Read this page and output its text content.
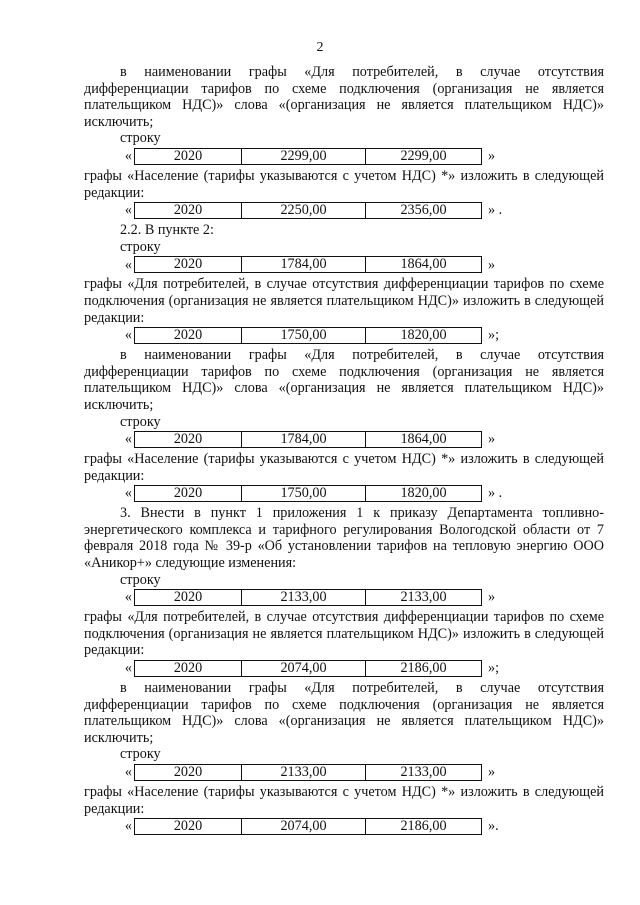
2

в наименовании графы «Для потребителей, в случае отсутствия дифференциации тарифов по схеме подключения (организация не является плательщиком НДС)» слова «(организация не является плательщиком НДС)» исключить;

строку

«	2020	2299,00	2299,00	»

графы «Население (тарифы указываются с учетом НДС) *» изложить в следующей редакции:

«	2020	2250,00	2356,00	» .

2.2. В пункте 2:

строку

«	2020	1784,00	1864,00	»

графы «Для потребителей, в случае отсутствия дифференциации тарифов по схеме подключения (организация не является плательщиком НДС)» изложить в следующей редакции:

«	2020	1750,00	1820,00	»;

в наименовании графы «Для потребителей, в случае отсутствия дифференциации тарифов по схеме подключения (организация не является плательщиком НДС)» слова «(организация не является плательщиком НДС)» исключить;

строку

«	2020	1784,00	1864,00	»

графы «Население (тарифы указываются с учетом НДС) *» изложить в следующей редакции:

«	2020	1750,00	1820,00	» .

3. Внести в пункт 1 приложения 1 к приказу Департамента топливно-энергетического комплекса и тарифного регулирования Вологодской области от 7 февраля 2018 года № 39-р «Об установлении тарифов на тепловую энергию ООО «Аникор+» следующие изменения:

строку

«	2020	2133,00	2133,00	»

графы «Для потребителей, в случае отсутствия дифференциации тарифов по схеме подключения (организация не является плательщиком НДС)» изложить в следующей редакции:

«	2020	2074,00	2186,00	»;

в наименовании графы «Для потребителей, в случае отсутствия дифференциации тарифов по схеме подключения (организация не является плательщиком НДС)» слова «(организация не является плательщиком НДС)» исключить;

строку

«	2020	2133,00	2133,00	»

графы «Население (тарифы указываются с учетом НДС) *» изложить в следующей редакции:

«	2020	2074,00	2186,00	».
